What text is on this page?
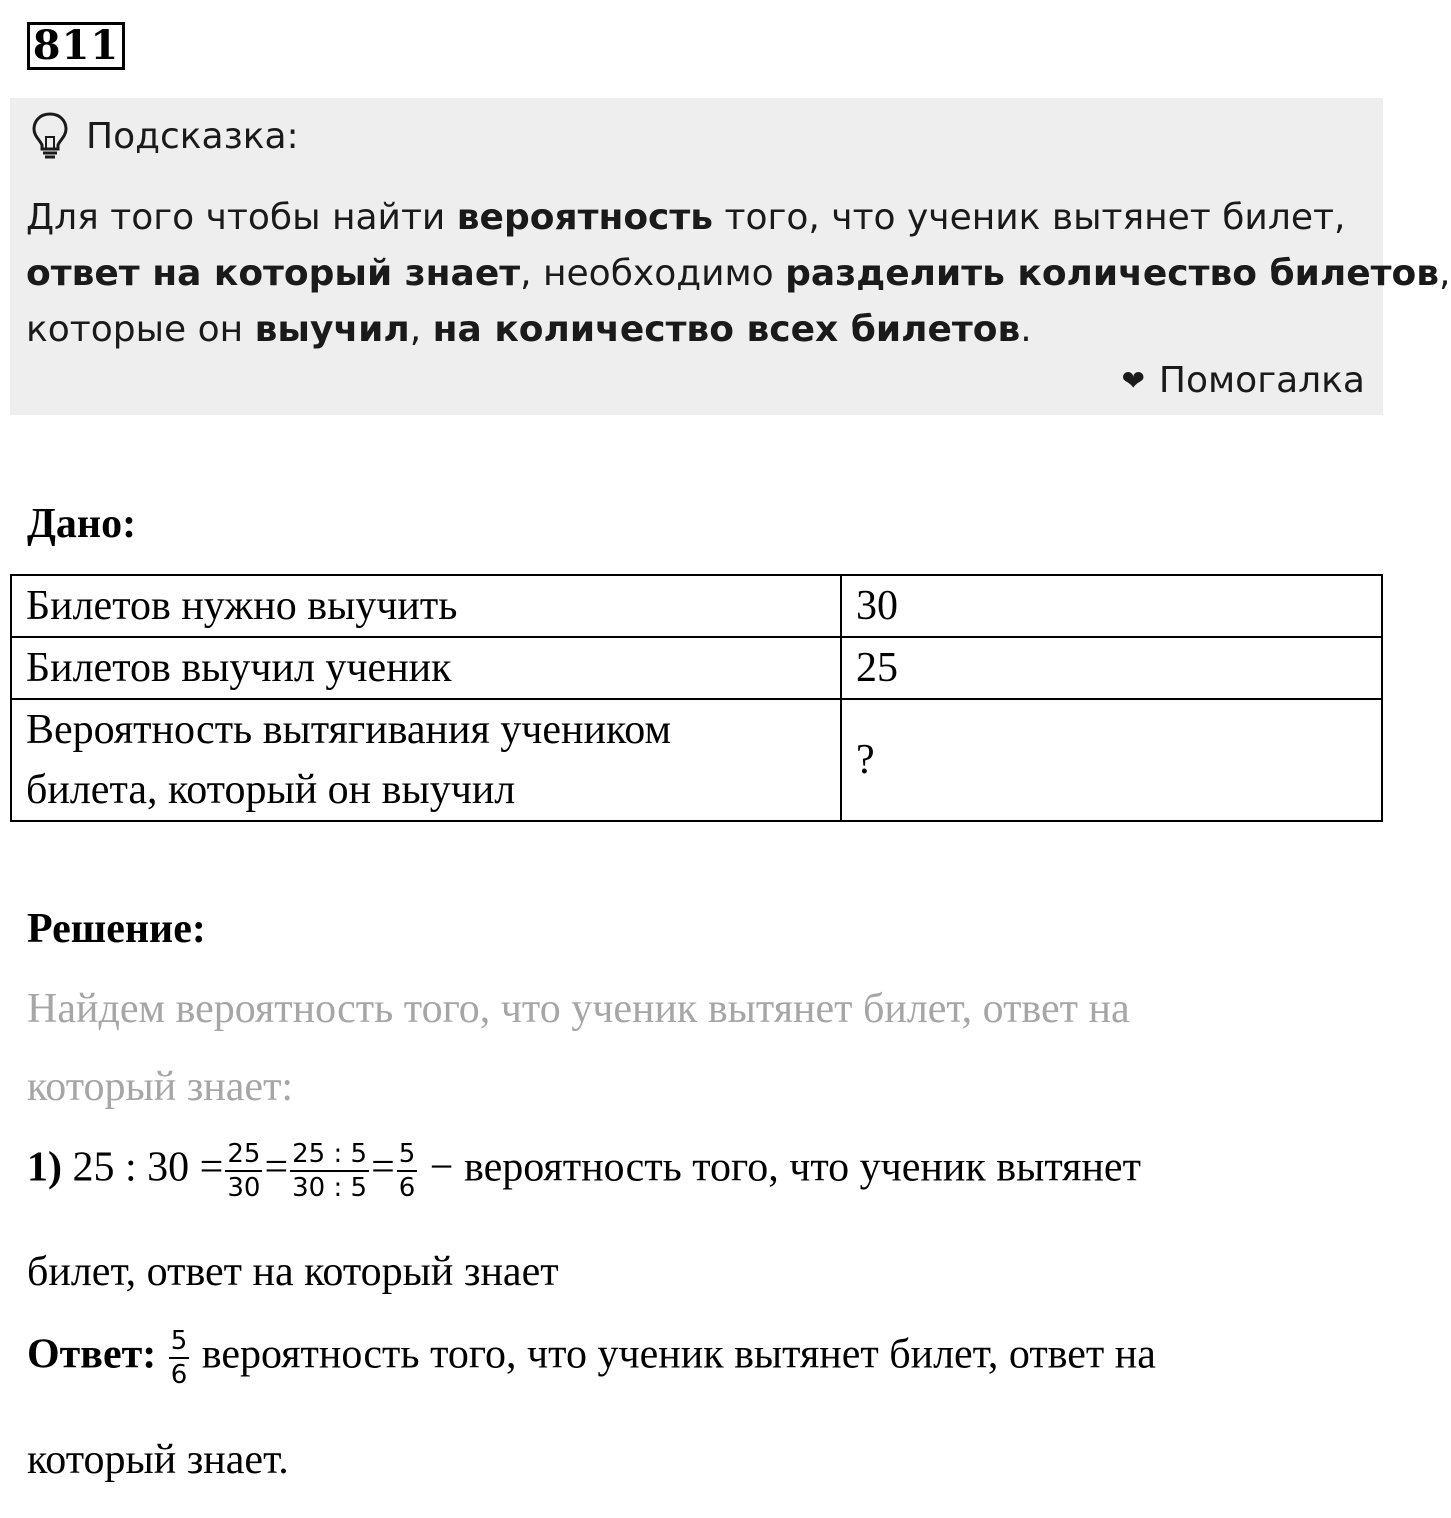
811
Подсказка:
Для того чтобы найти вероятность того, что ученик вытянет билет,
ответ на который знает, необходимо разделить количество билетов,
которые он выучил, на количество всех билетов.
❤ Помогалка
Дано:
Билетов нужно выучить	30
Билетов выучил ученик	25

Вероятность вытягивания учеником
билета, который он выучил	?
Решение:
Найдем вероятность того, что ученик вытянет билет, ответ на
который знает:
1) 25 : $30 = \frac{25}{30} = \frac{25 : 5}{30 : 5} = \frac{5}{6}$ − вероятность того, что ученик вытянет
билет, ответ на который знает
Ответ: $\frac{5}{6}$ вероятность того, что ученик вытянет билет, ответ на
который знает.
